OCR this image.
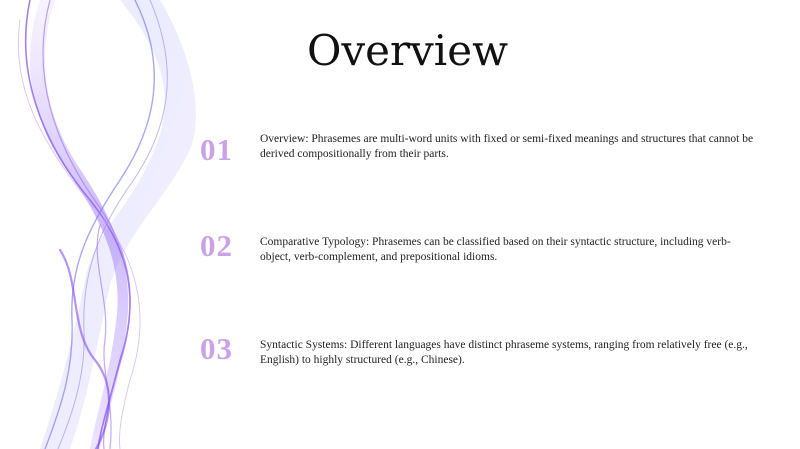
Overview
01	Overview: Phrasemes are multi-word units with fixed or semi-fixed meanings and structures that cannot be derived compositionally from their parts.
02	Comparative Typology: Phrasemes can be classified based on their syntactic structure, including verb-object, verb-complement, and prepositional idioms.
03	Syntactic Systems: Different languages have distinct phraseme systems, ranging from relatively free (e.g., English) to highly structured (e.g., Chinese).
